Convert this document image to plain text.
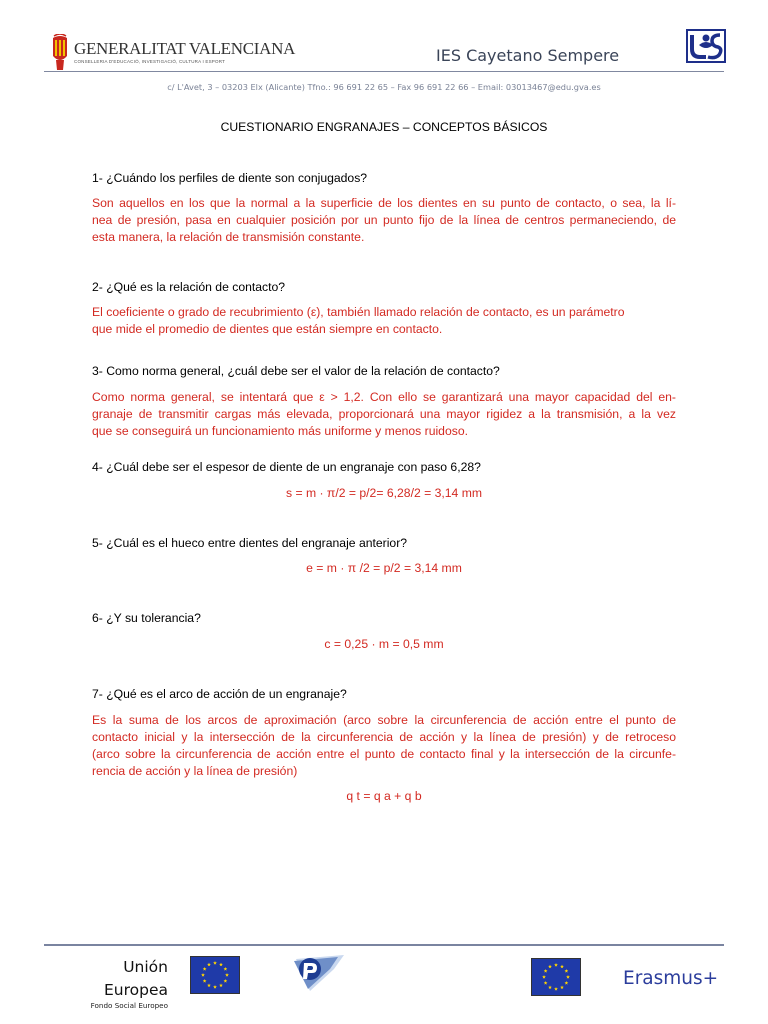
GENERALITAT VALENCIANA
CONSELLERIA D'EDUCACIÓ, INVESTIGACIÓ, CULTURA I ESPORT	IES Cayetano Sempere
c/ L'Avet, 3 – 03203 Elx (Alicante) Tfno.: 96 691 22 65 – Fax 96 691 22 66 – Email: 03013467@edu.gva.es
CUESTIONARIO ENGRANAJES – CONCEPTOS BÁSICOS
1- ¿Cuándo los perfiles de diente son conjugados?
Son aquellos en los que la normal a la superficie de los dientes en su punto de contacto, o sea, la lí-
nea de presión, pasa en cualquier posición por un punto fijo de la línea de centros permaneciendo, de
esta manera, la relación de transmisión constante.
2- ¿Qué es la relación de contacto?
El coeficiente o grado de recubrimiento (ε), también llamado relación de contacto, es un parámetro
que mide el promedio de dientes que están siempre en contacto.
3- Como norma general, ¿cuál debe ser el valor de la relación de contacto?
Como norma general, se intentará que ε > 1,2. Con ello se garantizará una mayor capacidad del en-
granaje de transmitir cargas más elevada, proporcionará una mayor rigidez a la transmisión, a la vez
que se conseguirá un funcionamiento más uniforme y menos ruidoso.
4- ¿Cuál debe ser el espesor de diente de un engranaje con paso 6,28?
s = m · π/2 = p/2= 6,28/2 = 3,14 mm
5- ¿Cuál es el hueco entre dientes del engranaje anterior?
e = m · π /2 = p/2 = 3,14 mm
6- ¿Y su tolerancia?
c = 0,25 · m = 0,5 mm
7- ¿Qué es el arco de acción de un engranaje?
Es la suma de los arcos de aproximación (arco sobre la circunferencia de acción entre el punto de
contacto inicial y la intersección de la circunferencia de acción y la línea de presión) y de retroceso
(arco sobre la circunferencia de acción entre el punto de contacto final y la intersección de la circunfe-
rencia de acción y la línea de presión)
q t = q a + q b
Unión
Europea
Fondo Social Europeo
Erasmus+
